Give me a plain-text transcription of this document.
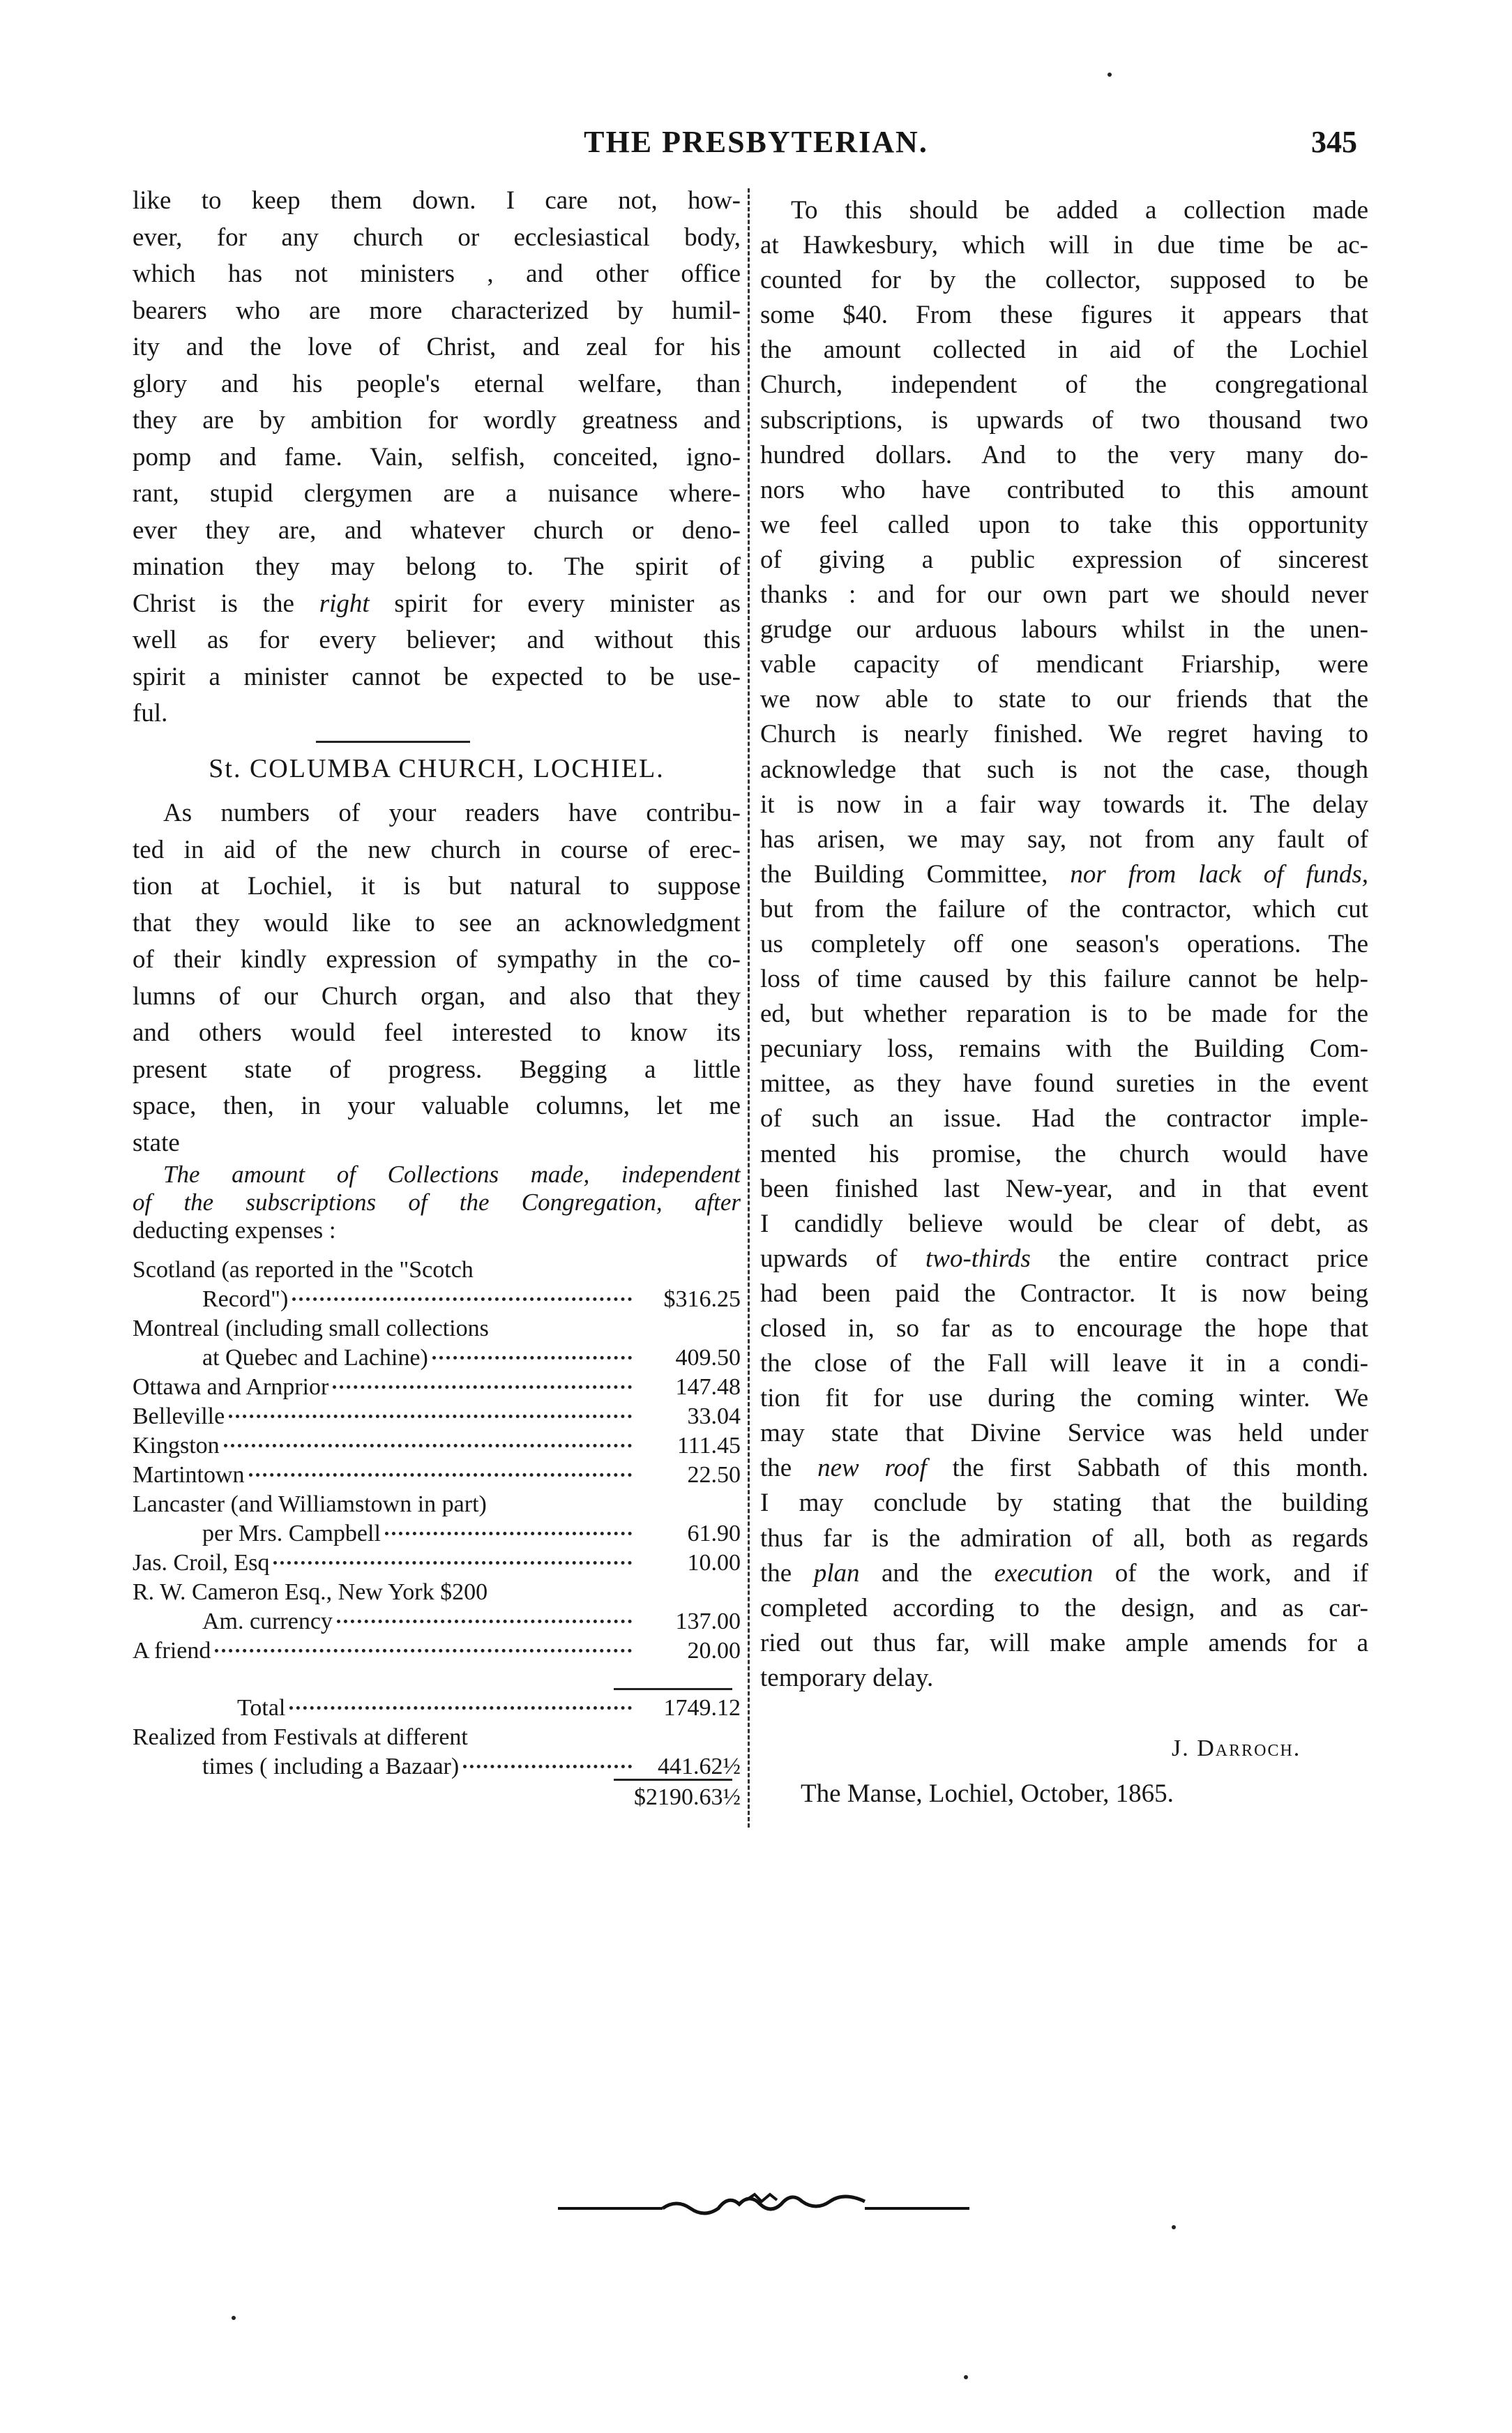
THE PRESBYTERIAN.	345
like to keep them down. I care not, how-
ever, for any church or ecclesiastical body,
which has not ministers , and other office
bearers who are more characterized by humil-
ity and the love of Christ, and zeal for his
glory and his people's eternal welfare, than
they are by ambition for wordly greatness and
pomp and fame. Vain, selfish, conceited, igno-
rant, stupid clergymen are a nuisance where-
ever they are, and whatever church or deno-
mination they may belong to. The spirit of
Christ is the right spirit for every minister as
well as for every believer; and without this
spirit a minister cannot be expected to be use-
ful.
St. COLUMBA CHURCH, LOCHIEL.
As numbers of your readers have contribu-
ted in aid of the new church in course of erec-
tion at Lochiel, it is but natural to suppose
that they would like to see an acknowledgment
of their kindly expression of sympathy in the co-
lumns of our Church organ, and also that they
and others would feel interested to know its
present state of progress. Begging a little
space, then, in your valuable columns, let me
state
The amount of Collections made, independent
of the subscriptions of the Congregation, after
deducting expenses :
Scotland (as reported in the "Scotch
Record")	$316.25
Montreal (including small collections
at Quebec and Lachine)	409.50
Ottawa and Arnprior	147.48
Belleville	33.04
Kingston	111.45
Martintown	22.50
Lancaster (and Williamstown in part)
per Mrs. Campbell	61.90
Jas. Croil, Esq	10.00
R. W. Cameron Esq., New York $200
Am. currency	137.00
A friend	20.00
Total	1749.12
Realized from Festivals at different
times ( including a Bazaar)	441.62½
$2190.63½
To this should be added a collection made
at Hawkesbury, which will in due time be ac-
counted for by the collector, supposed to be
some $40. From these figures it appears that
the amount collected in aid of the Lochiel
Church, independent of the congregational
subscriptions, is upwards of two thousand two
hundred dollars. And to the very many do-
nors who have contributed to this amount
we feel called upon to take this opportunity
of giving a public expression of sincerest
thanks : and for our own part we should never
grudge our arduous labours whilst in the unen-
vable capacity of mendicant Friarship, were
we now able to state to our friends that the
Church is nearly finished. We regret having to
acknowledge that such is not the case, though
it is now in a fair way towards it. The delay
has arisen, we may say, not from any fault of
the Building Committee, nor from lack of funds,
but from the failure of the contractor, which cut
us completely off one season's operations. The
loss of time caused by this failure cannot be help-
ed, but whether reparation is to be made for the
pecuniary loss, remains with the Building Com-
mittee, as they have found sureties in the event
of such an issue. Had the contractor imple-
mented his promise, the church would have
been finished last New-year, and in that event
I candidly believe would be clear of debt, as
upwards of two-thirds the entire contract price
had been paid the Contractor. It is now being
closed in, so far as to encourage the hope that
the close of the Fall will leave it in a condi-
tion fit for use during the coming winter. We
may state that Divine Service was held under
the new roof the first Sabbath of this month.
I may conclude by stating that the building
thus far is the admiration of all, both as regards
the plan and the execution of the work, and if
completed according to the design, and as car-
ried out thus far, will make ample amends for a
temporary delay.
J. Darroch.
The Manse, Lochiel, October, 1865.
